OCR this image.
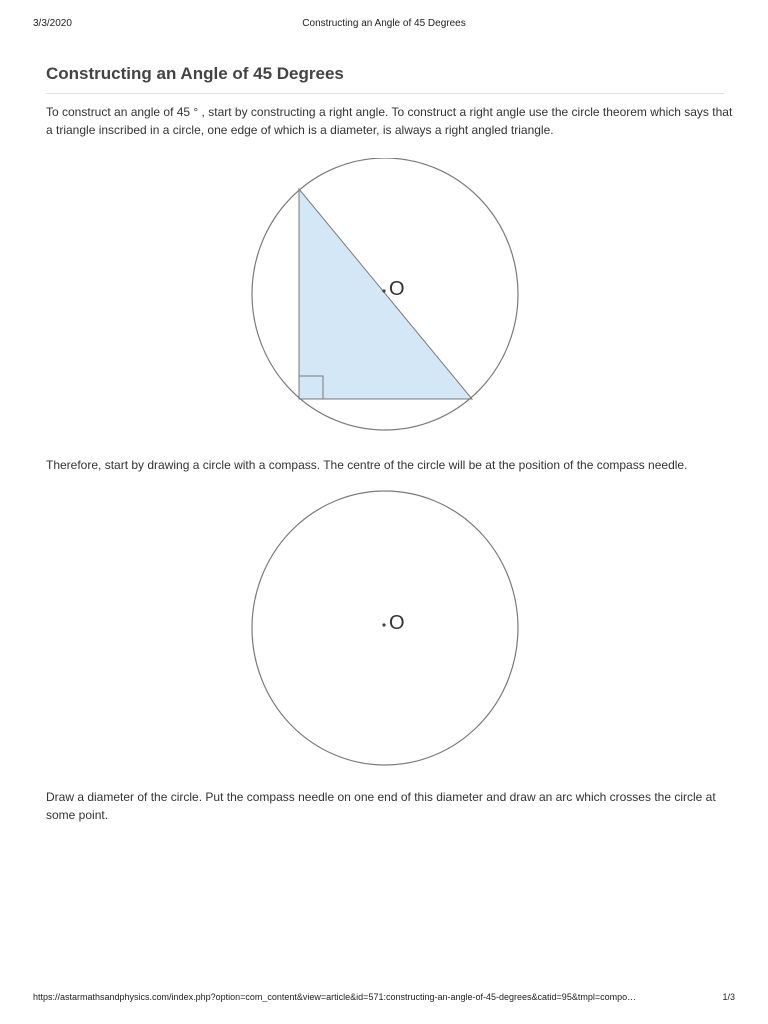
3/3/2020	Constructing an Angle of 45 Degrees
Constructing an Angle of 45 Degrees

To construct an angle of 45 ° , start by constructing a right angle. To construct a right angle use the circle theorem which says that a triangle inscribed in a circle, one edge of which is a diameter, is always a right angled triangle.

O

Therefore, start by drawing a circle with a compass. The centre of the circle will be at the position of the compass needle.

O

Draw a diameter of the circle. Put the compass needle on one end of this diameter and draw an arc which crosses the circle at some point.

https://astarmathsandphysics.com/index.php?option=com_content&view=article&id=571:constructing-an-angle-of-45-degrees&catid=95&tmpl=compo…	1/3
